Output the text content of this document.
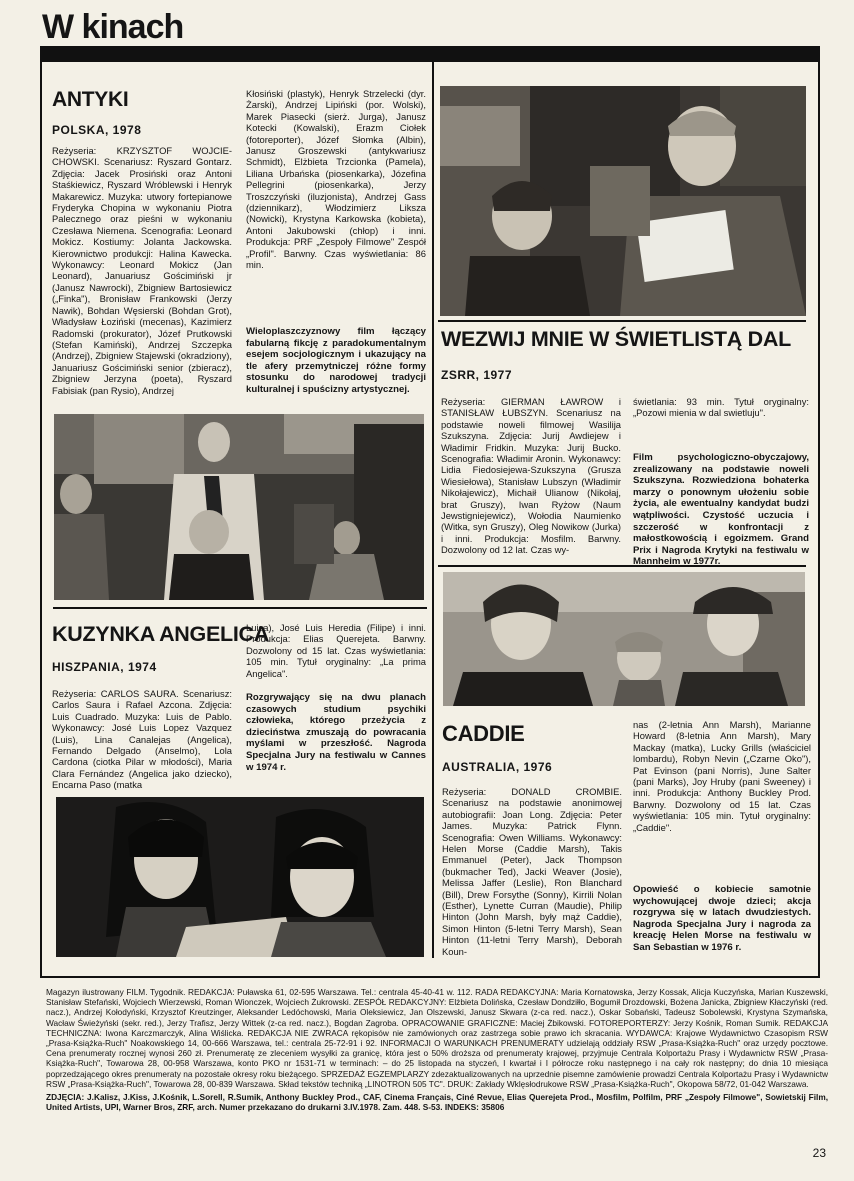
W kinach
ANTYKI
POLSKA, 1978
Reżyseria: KRZYSZTOF WOJCIE-CHOWSKI. Scenariusz: Ryszard Gontarz. Zdjęcia: Jacek Prosiński oraz Antoni Staśkiewicz, Ryszard Wróblewski i Henryk Makarewicz. Muzyka: utwory fortepianowe Fryderyka Chopina w wykonaniu Piotra Palecznego oraz pieśni w wykonaniu Czesława Niemena. Scenografia: Leonard Mokicz. Kostiumy: Jolanta Jackowska. Kierownictwo produkcji: Halina Kawecka. Wykonawcy: Leonard Mokicz (Jan Leonard), Januariusz Gościmiński jr (Janusz Nawrocki), Zbigniew Bartosiewicz („Finka"), Bronisław Frankowski (Jerzy Nawik), Bohdan Węsierski (Bohdan Grot), Władysław Łoziński (mecenas), Kazimierz Radomski (prokurator), Józef Prutkowski (Stefan Kamiński), Andrzej Szczepka (Andrzej), Zbigniew Stajewski (okradziony), Januariusz Gościmiński senior (zbieracz), Zbigniew Jerzyna (poeta), Ryszard Fabisiak (pan Rysio), Andrzej
Kłosiński (plastyk), Henryk Strzelecki (dyr. Żarski), Andrzej Lipiński (por. Wolski), Marek Piasecki (sierż. Jurga), Janusz Kotecki (Kowalski), Erazm Ciołek (fotoreporter), Józef Słomka (Albin), Janusz Groszewski (antykwariusz Schmidt), Elżbieta Trzcionka (Pamela), Liliana Urbańska (piosenkarka), Józefina Pellegrini (piosenkarka), Jerzy Troszczyński (iluzjonista), Andrzej Gass (dziennikarz), Włodzimierz Liksza (Nowicki), Krystyna Karkowska (kobieta), Antoni Jakubowski (chłop) i inni. Produkcja: PRF „Zespoły Filmowe" Zespół „Profil". Barwny. Czas wyświetlania: 86 min.
Wieloplaszczyznowy film łączący fabularną fikcję z paradokumentalnym esejem socjologicznym i ukazujący na tle afery przemytniczej różne formy stosunku do narodowej tradycji kulturalnej i spuścizny artystycznej.
WEZWIJ MNIE W ŚWIETLISTĄ DAL
ZSRR, 1977
Reżyseria: GIERMAN ŁAWROW i STANISŁAW ŁUBSZYN. Scenariusz na podstawie noweli filmowej Wasilija Szukszyna. Zdjęcia: Jurij Awdiejew i Władimir Fridkin. Muzyka: Jurij Bucko. Scenografia: Władimir Aronin. Wykonawcy: Lidia Fiedosiejewa-Szukszyna (Grusza Wiesiełowa), Stanisław Lubszyn (Władimir Nikołajewicz), Michaił Ulianow (Nikołaj, brat Gruszy), Iwan Ryżow (Naum Jewstigniejewicz), Wołodia Naumienko (Witka, syn Gruszy), Oleg Nowikow (Jurka) i inni. Produkcja: Mosfilm. Barwny. Dozwolony od 12 lat. Czas wy-
świetlania: 93 min. Tytuł oryginalny: „Pozowi mienia w dal swietluju".
Film psychologiczno-obyczajowy, zrealizowany na podstawie noweli Szukszyna. Rozwiedziona bohaterka marzy o ponownym ułożeniu sobie życia, ale ewentualny kandydat budzi wątpliwości. Czystość uczucia i szczerość w konfrontacji z małostkowością i egoizmem. Grand Prix i Nagroda Krytyki na festiwalu w Mannheim w 1977r.
KUZYNKA ANGELICA
HISZPANIA, 1974
Reżyseria: CARLOS SAURA. Scenariusz: Carlos Saura i Rafael Azcona. Zdjęcia: Luis Cuadrado. Muzyka: Luis de Pablo. Wykonawcy: José Luis Lopez Vazquez (Luis), Lina Canalejas (Angelica), Fernando Delgado (Anselmo), Lola Cardona (ciotka Pilar w młodości), Maria Clara Fernández (Angelica jako dziecko), Encarna Paso (matka
Luisa), José Luis Heredia (Filipe) i inni. Produkcja: Elias Querejeta. Barwny. Dozwolony od 15 lat. Czas wyświetlania: 105 min. Tytuł oryginalny: „La prima Angelica".
Rozgrywający się na dwu planach czasowych studium psychiki człowieka, którego przeżycia z dzieciństwa zmuszają do powracania myślami w przeszłość. Nagroda Specjalna Jury na festiwalu w Cannes w 1974 r.
CADDIE
AUSTRALIA, 1976
Reżyseria: DONALD CROMBIE. Scenariusz na podstawie anonimowej autobiografii: Joan Long. Zdjęcia: Peter James. Muzyka: Patrick Flynn. Scenografia: Owen Williams. Wykonawcy: Helen Morse (Caddie Marsh), Takis Emmanuel (Peter), Jack Thompson (bukmacher Ted), Jacki Weaver (Josie), Melissa Jaffer (Leslie), Ron Blanchard (Bill), Drew Forsythe (Sonny), Kirrili Nolan (Esther), Lynette Curran (Maudie), Philip Hinton (John Marsh, były mąż Caddie), Simon Hinton (5-letni Terry Marsh), Sean Hinton (11-letni Terry Marsh), Deborah Koun-
nas (2-letnia Ann Marsh), Marianne Howard (8-letnia Ann Marsh), Mary Mackay (matka), Lucky Grills (właściciel lombardu), Robyn Nevin („Czarne Oko"), Pat Evinson (pani Norris), June Salter (pani Marks), Joy Hruby (pani Sweeney) i inni. Produkcja: Anthony Buckley Prod. Barwny. Dozwolony od 15 lat. Czas wyświetlania: 105 min. Tytuł oryginalny: „Caddie".
Opowieść o kobiecie samotnie wychowującej dwoje dzieci; akcja rozgrywa się w latach dwudziestych. Nagroda Specjalna Jury i nagroda za kreację Helen Morse na festiwalu w San Sebastian w 1976 r.
Magazyn ilustrowany FILM. Tygodnik. REDAKCJA: Puławska 61, 02-595 Warszawa. Tel.: centrala 45-40-41 w. 112. RADA REDAKCYJNA: Maria Kornatowska, Jerzy Kossak, Alicja Kuczyńska, Marian Kuszewski, Stanisław Stefański, Wojciech Wierzewski, Roman Wionczek, Wojciech Żukrowski. ZESPÓŁ REDAKCYJNY: Elżbieta Dolińska, Czesław Dondziłło, Bogumił Drozdowski, Bożena Janicka, Zbigniew Kłaczyński (red. nacz.), Andrzej Kołodyński, Krzysztof Kreutzinger, Aleksander Ledóchowski, Maria Oleksiewicz, Jan Olszewski, Janusz Skwara (z-ca red. nacz.), Oskar Sobański, Tadeusz Sobolewski, Krystyna Szymańska, Wacław Świeżyński (sekr. red.), Jerzy Trafisz, Jerzy Wittek (z-ca red. nacz.), Bogdan Zagroba. OPRACOWANIE GRAFICZNE: Maciej Żbikowski. FOTOREPORTERZY: Jerzy Kośnik, Roman Sumik. REDAKCJA TECHNICZNA: Iwona Karczmarczyk, Alina Wiślicka. REDAKCJA NIE ZWRACA rękopisów nie zamówionych oraz zastrzega sobie prawo ich skracania. WYDAWCA: Krajowe Wydawnictwo Czasopism RSW „Prasa-Książka-Ruch" Noakowskiego 14, 00-666 Warszawa, tel.: centrala 25-72-91 i 92. INFORMACJI O WARUNKACH PRENUMERATY udzielają oddziały RSW „Prasa-Książka-Ruch" oraz urzędy pocztowe. Cena prenumeraty rocznej wynosi 260 zł. Prenumeratę ze zleceniem wysyłki za granicę, która jest o 50% droższa od prenumeraty krajowej, przyjmuje Centrala Kolportażu Prasy i Wydawnictw RSW „Prasa-Książka-Ruch", Towarowa 28, 00-958 Warszawa, konto PKO nr 1531-71 w terminach: – do 25 listopada na styczeń, I kwartał i I półrocze roku następnego i na cały rok następny; do dnia 10 miesiąca poprzedzającego okres prenumeraty na pozostałe okresy roku bieżącego. SPRZEDAŻ EGZEMPLARZY zdezaktualizowanych na uprzednie pisemne zamówienie prowadzi Centrala Kolportażu Prasy i Wydawnictw RSW „Prasa-Książka-Ruch", Towarowa 28, 00-839 Warszawa. Skład tekstów techniką „LINOTRON 505 TC". DRUK: Zakłady Wklęsłodrukowe RSW „Prasa-Książka-Ruch", Okopowa 58/72, 01-042 Warszawa.
ZDJĘCIA: J.Kalisz, J.Kiss, J.Kośnik, L.Sorell, R.Sumik, Anthony Buckley Prod., CAF, Cinema Français, Ciné Revue, Elias Querejeta Prod., Mosfilm, Polfilm, PRF „Zespoły Filmowe", Sowietskij Film, United Artists, UPI, Warner Bros, ZRF, arch. Numer przekazano do drukarni 3.IV.1978. Zam. 448. S-53. INDEKS: 35806
23
